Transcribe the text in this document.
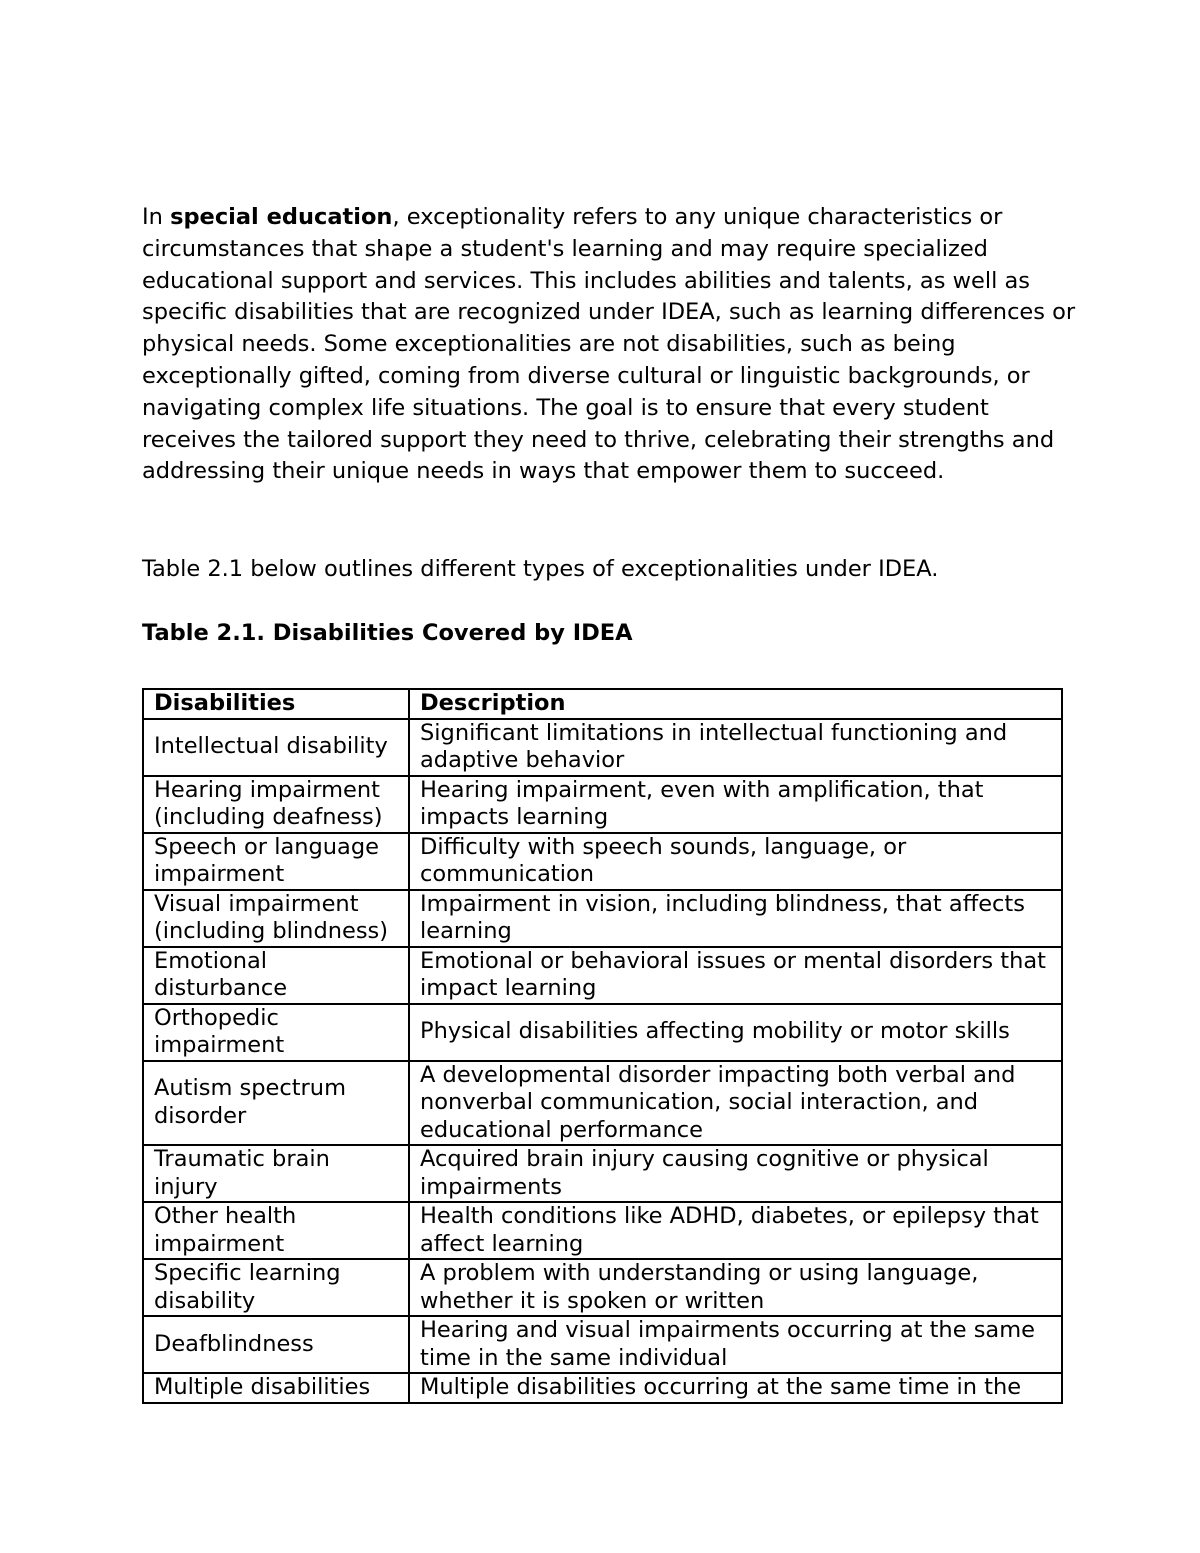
In special education, exceptionality refers to any unique characteristics or circumstances that shape a student's learning and may require specialized educational support and services. This includes abilities and talents, as well as specific disabilities that are recognized under IDEA, such as learning differences or physical needs. Some exceptionalities are not disabilities, such as being exceptionally gifted, coming from diverse cultural or linguistic backgrounds, or navigating complex life situations. The goal is to ensure that every student receives the tailored support they need to thrive, celebrating their strengths and addressing their unique needs in ways that empower them to succeed.

Table 2.1 below outlines different types of exceptionalities under IDEA.

Table 2.1. Disabilities Covered by IDEA

Disabilities	Description
Intellectual disability	Significant limitations in intellectual functioning and adaptive behavior
Hearing impairment (including deafness)	Hearing impairment, even with amplification, that impacts learning
Speech or language impairment	Difficulty with speech sounds, language, or communication
Visual impairment (including blindness)	Impairment in vision, including blindness, that affects learning
Emotional disturbance	Emotional or behavioral issues or mental disorders that impact learning
Orthopedic impairment	Physical disabilities affecting mobility or motor skills
Autism spectrum disorder	A developmental disorder impacting both verbal and nonverbal communication, social interaction, and educational performance
Traumatic brain injury	Acquired brain injury causing cognitive or physical impairments
Other health impairment	Health conditions like ADHD, diabetes, or epilepsy that affect learning
Specific learning disability	A problem with understanding or using language, whether it is spoken or written
Deafblindness	Hearing and visual impairments occurring at the same time in the same individual
Multiple disabilities	Multiple disabilities occurring at the same time in the
